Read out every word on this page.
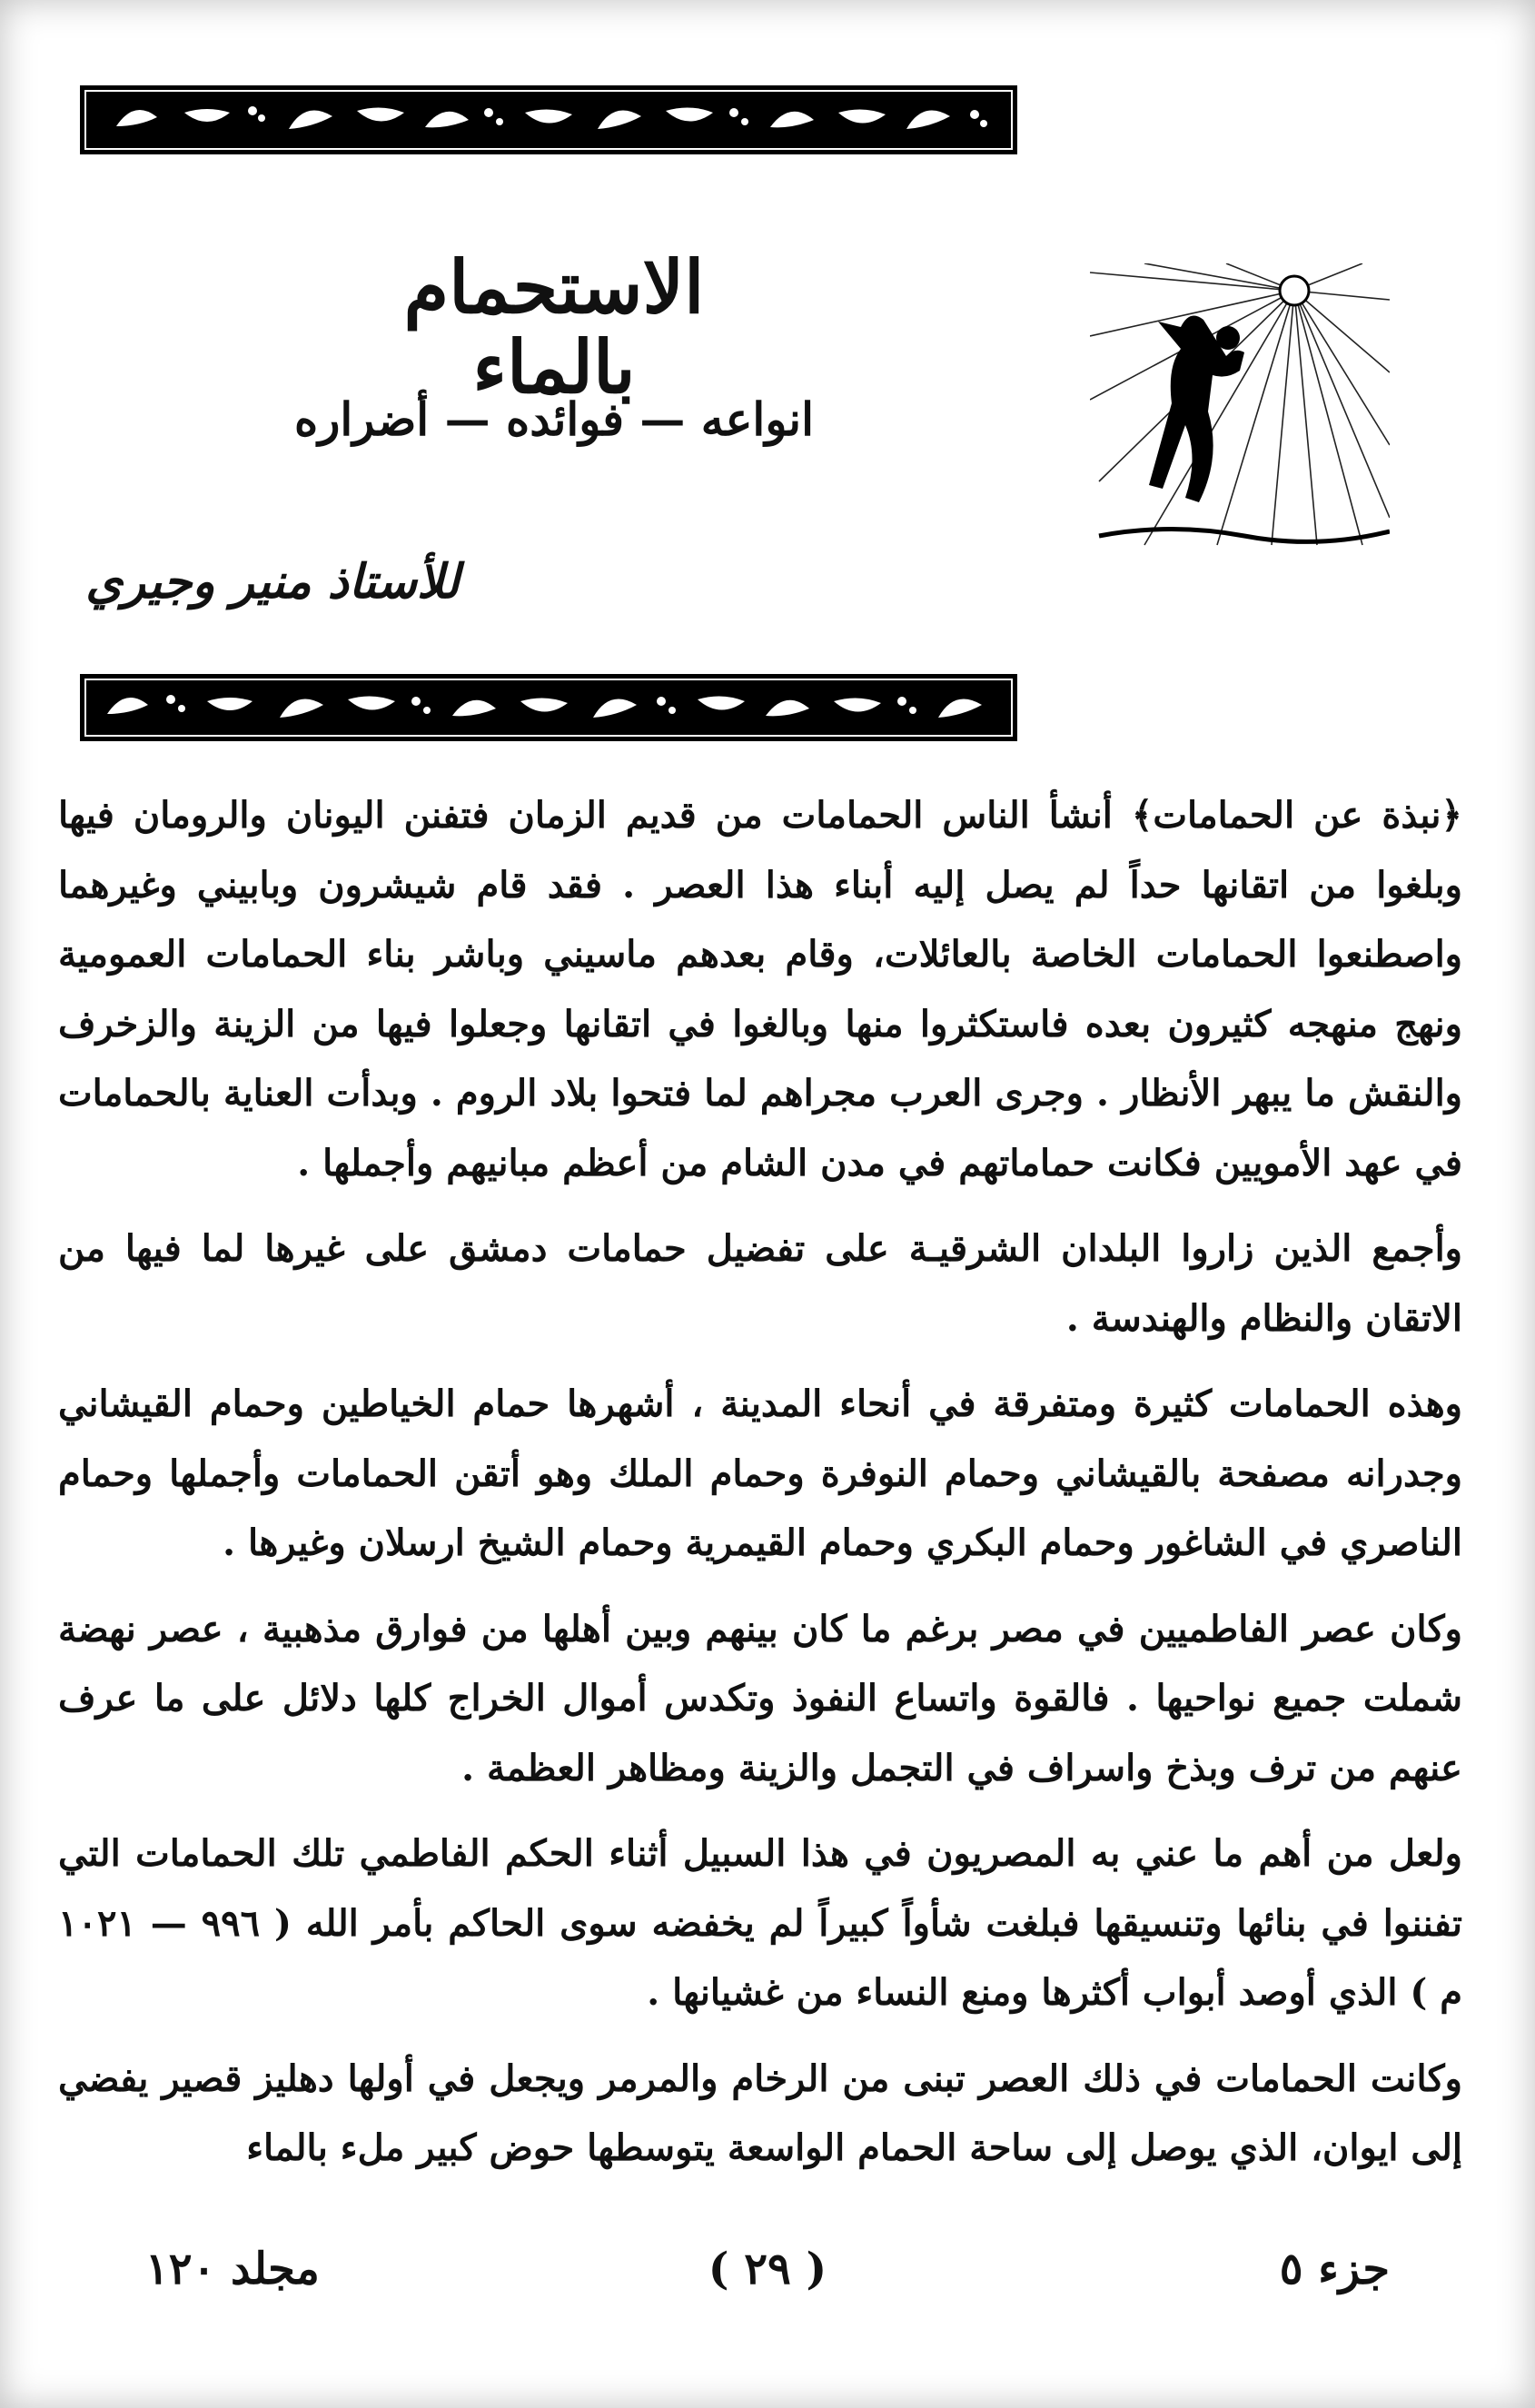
الاستحمام بالماء
انواعه — فوائده — أضراره
للأستاذ منير وجيري

﴿نبذة عن الحمامات﴾ أنشأ الناس الحمامات من قديم الزمان فتفنن اليونان والرومان فيها وبلغوا من اتقانها حداً لم يصل إليه أبناء هذا العصر . فقد قام شيشرون وبابيني وغيرهما واصطنعوا الحمامات الخاصة بالعائلات، وقام بعدهم ماسيني وباشر بناء الحمامات العمومية ونهج منهجه كثيرون بعده فاستكثروا منها وبالغوا في اتقانها وجعلوا فيها من الزينة والزخرف والنقش ما يبهر الأنظار . وجرى العرب مجراهم لما فتحوا بلاد الروم . وبدأت العناية بالحمامات في عهد الأمويين فكانت حماماتهم في مدن الشام من أعظم مبانيهم وأجملها .

وأجمع الذين زاروا البلدان الشرقيـة على تفضيل حمامات دمشق على غيرها لما فيها من الاتقان والنظام والهندسة .

وهذه الحمامات كثيرة ومتفرقة في أنحاء المدينة ، أشهرها حمام الخياطين وحمام القيشاني وجدرانه مصفحة بالقيشاني وحمام النوفرة وحمام الملك وهو أتقن الحمامات وأجملها وحمام الناصري في الشاغور وحمام البكري وحمام القيمرية وحمام الشيخ ارسلان وغيرها .

وكان عصر الفاطميين في مصر برغم ما كان بينهم وبين أهلها من فوارق مذهبية ، عصر نهضة شملت جميع نواحيها . فالقوة واتساع النفوذ وتكدس أموال الخراج كلها دلائل على ما عرف عنهم من ترف وبذخ واسراف في التجمل والزينة ومظاهر العظمة .

ولعل من أهم ما عني به المصريون في هذا السبيل أثناء الحكم الفاطمي تلك الحمامات التي تفننوا في بنائها وتنسيقها فبلغت شأواً كبيراً لم يخفضه سوى الحاكم بأمر الله ( ٩٩٦ — ١٠٢١ م ) الذي أوصد أبواب أكثرها ومنع النساء من غشيانها .

وكانت الحمامات في ذلك العصر تبنى من الرخام والمرمر ويجعل في أولها دهليز قصير يفضي إلى ايوان، الذي يوصل إلى ساحة الحمام الواسعة يتوسطها حوض كبير ملء بالماء

جزء ٥
( ٢٩ )
مجلد ١٢٠
